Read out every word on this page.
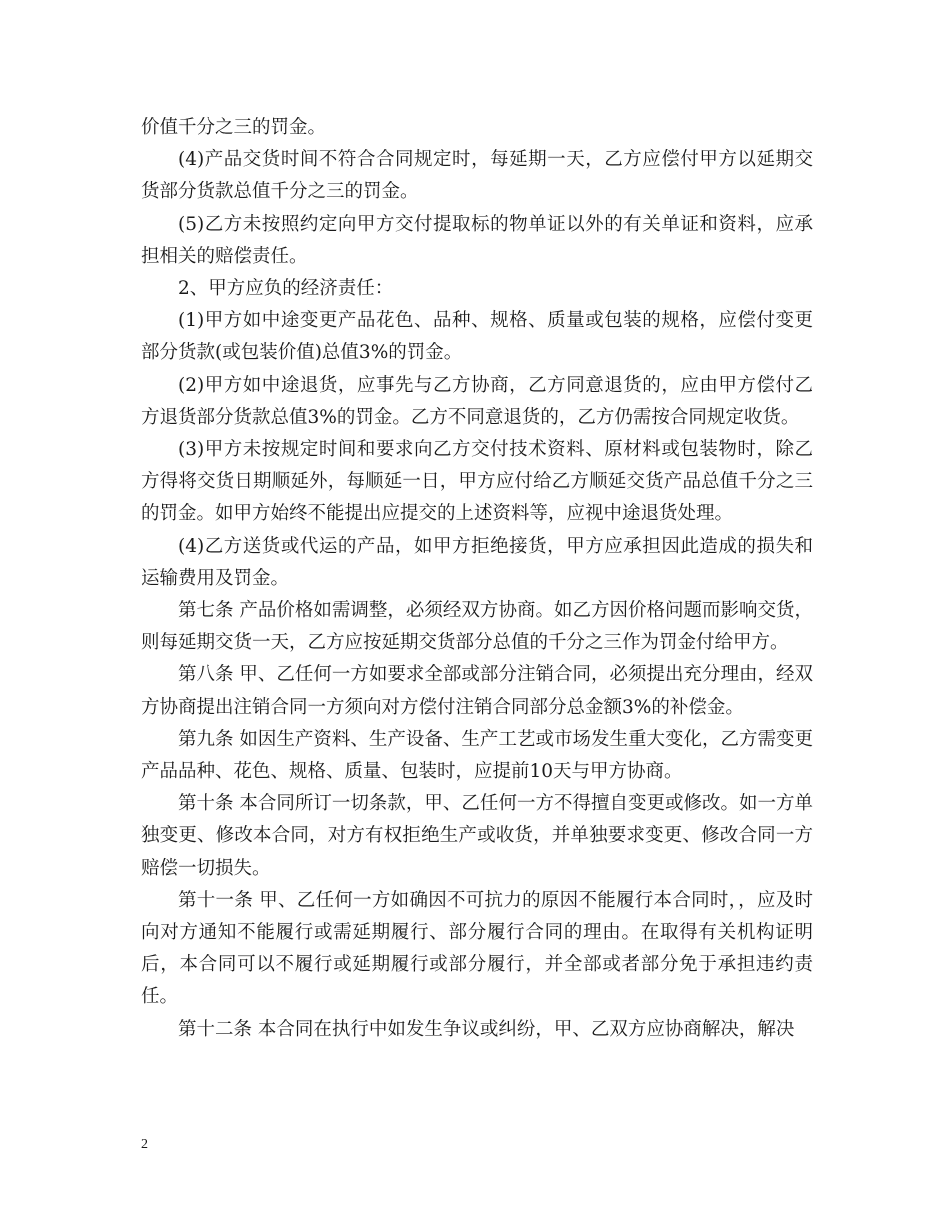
价值千分之三的罚金。

(4)产品交货时间不符合合同规定时，每延期一天，乙方应偿付甲方以延期交货部分货款总值千分之三的罚金。

(5)乙方未按照约定向甲方交付提取标的物单证以外的有关单证和资料，应承担相关的赔偿责任。

2、甲方应负的经济责任：

(1)甲方如中途变更产品花色、品种、规格、质量或包装的规格，应偿付变更部分货款(或包装价值)总值3%的罚金。

(2)甲方如中途退货，应事先与乙方协商，乙方同意退货的，应由甲方偿付乙方退货部分货款总值3%的罚金。乙方不同意退货的，乙方仍需按合同规定收货。

(3)甲方未按规定时间和要求向乙方交付技术资料、原材料或包装物时，除乙方得将交货日期顺延外，每顺延一日，甲方应付给乙方顺延交货产品总值千分之三的罚金。如甲方始终不能提出应提交的上述资料等，应视中途退货处理。

(4)乙方送货或代运的产品，如甲方拒绝接货，甲方应承担因此造成的损失和运输费用及罚金。

第七条 产品价格如需调整，必须经双方协商。如乙方因价格问题而影响交货，则每延期交货一天，乙方应按延期交货部分总值的千分之三作为罚金付给甲方。

第八条 甲、乙任何一方如要求全部或部分注销合同，必须提出充分理由，经双方协商提出注销合同一方须向对方偿付注销合同部分总金额3%的补偿金。

第九条 如因生产资料、生产设备、生产工艺或市场发生重大变化，乙方需变更产品品种、花色、规格、质量、包装时，应提前10天与甲方协商。

第十条 本合同所订一切条款，甲、乙任何一方不得擅自变更或修改。如一方单独变更、修改本合同，对方有权拒绝生产或收货，并单独要求变更、修改合同一方赔偿一切损失。

第十一条 甲、乙任何一方如确因不可抗力的原因不能履行本合同时，，应及时向对方通知不能履行或需延期履行、部分履行合同的理由。在取得有关机构证明后，本合同可以不履行或延期履行或部分履行，并全部或者部分免于承担违约责任。

第十二条 本合同在执行中如发生争议或纠纷，甲、乙双方应协商解决，解决

2
